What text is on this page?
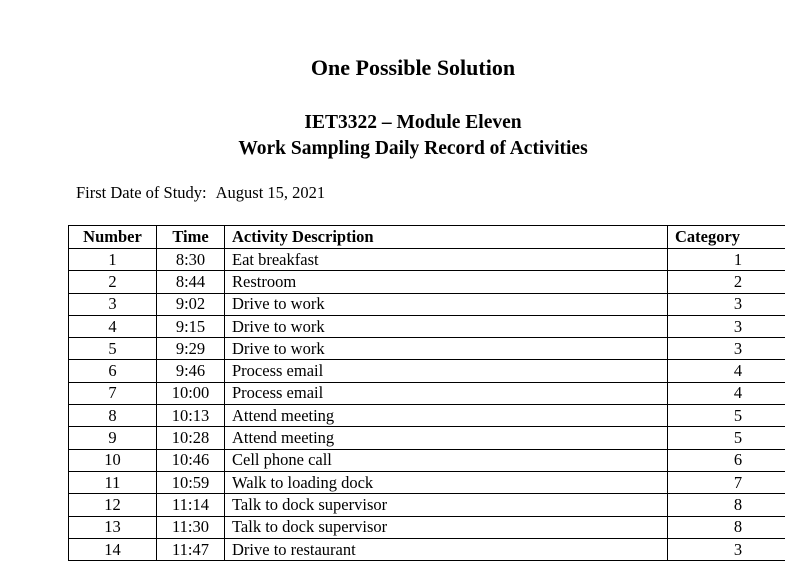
One Possible Solution
IET3322 – Module Eleven
Work Sampling Daily Record of Activities
First Date of Study: August 15, 2021
Number	Time	Activity Description	Category
1	8:30	Eat breakfast	1
2	8:44	Restroom	2
3	9:02	Drive to work	3
4	9:15	Drive to work	3
5	9:29	Drive to work	3
6	9:46	Process email	4
7	10:00	Process email	4
8	10:13	Attend meeting	5
9	10:28	Attend meeting	5
10	10:46	Cell phone call	6
11	10:59	Walk to loading dock	7
12	11:14	Talk to dock supervisor	8
13	11:30	Talk to dock supervisor	8
14	11:47	Drive to restaurant	3
